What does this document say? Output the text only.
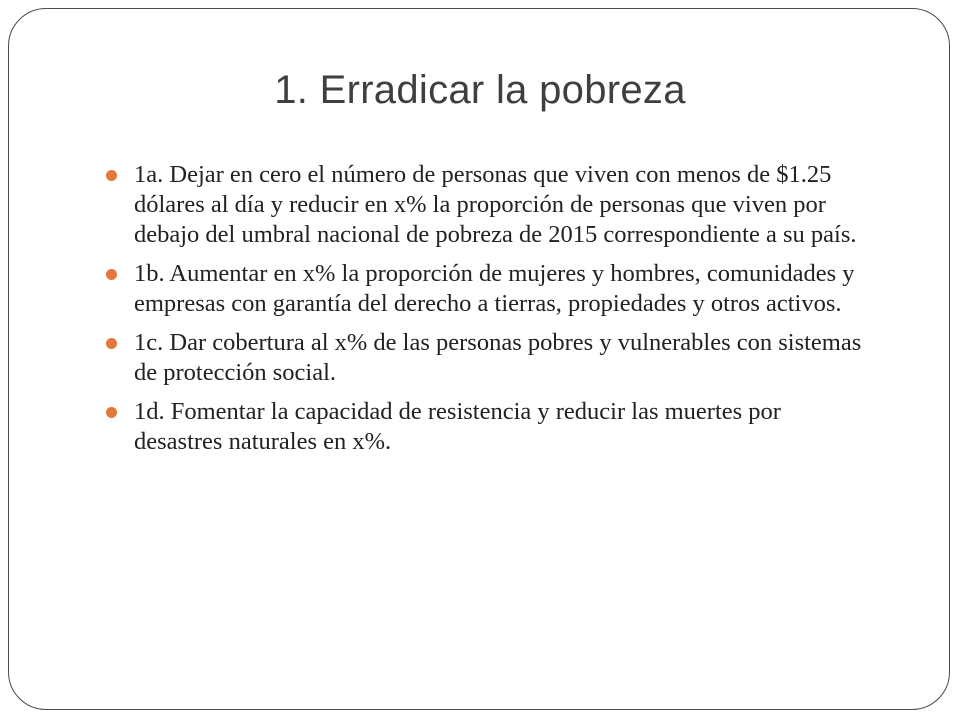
1. Erradicar la pobreza
1a. Dejar en cero el número de personas que viven con menos de $1.25 dólares al día y reducir en x% la proporción de personas que viven por debajo del umbral nacional de pobreza de 2015 correspondiente a su país.
1b. Aumentar en x% la proporción de mujeres y hombres, comunidades y empresas con garantía del derecho a tierras, propiedades y otros activos.
1c. Dar cobertura al x% de las personas pobres y vulnerables con sistemas de protección social.
1d. Fomentar la capacidad de resistencia y reducir las muertes por desastres naturales en x%.
